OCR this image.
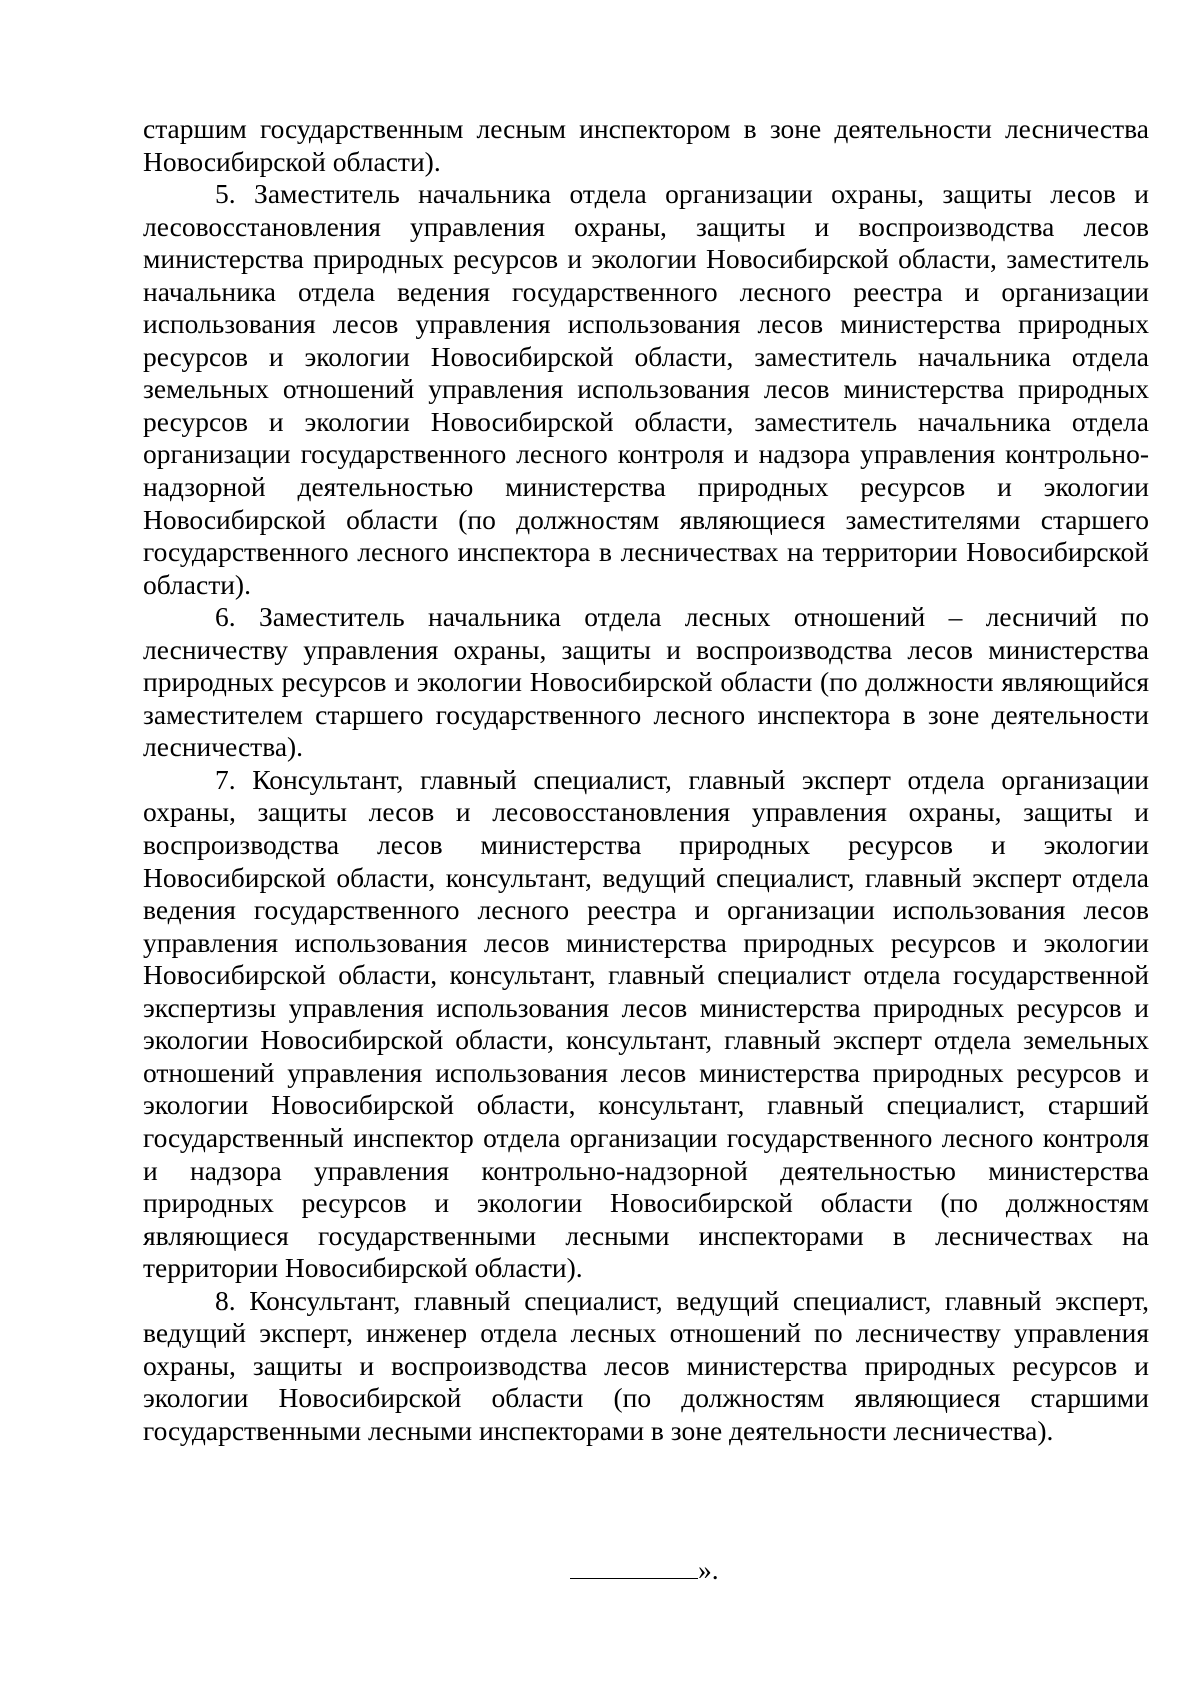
старшим государственным лесным инспектором в зоне деятельности лесничества Новосибирской области).

5. Заместитель начальника отдела организации охраны, защиты лесов и лесовосстановления управления охраны, защиты и воспроизводства лесов министерства природных ресурсов и экологии Новосибирской области, заместитель начальника отдела ведения государственного лесного реестра и организации использования лесов управления использования лесов министерства природных ресурсов и экологии Новосибирской области, заместитель начальника отдела земельных отношений управления использования лесов министерства природных ресурсов и экологии Новосибирской области, заместитель начальника отдела организации государственного лесного контроля и надзора управления контрольно-надзорной деятельностью министерства природных ресурсов и экологии Новосибирской области (по должностям являющиеся заместителями старшего государственного лесного инспектора в лесничествах на территории Новосибирской области).

6. Заместитель начальника отдела лесных отношений – лесничий по лесничеству управления охраны, защиты и воспроизводства лесов министерства природных ресурсов и экологии Новосибирской области (по должности являющийся заместителем старшего государственного лесного инспектора в зоне деятельности лесничества).

7. Консультант, главный специалист, главный эксперт отдела организации охраны, защиты лесов и лесовосстановления управления охраны, защиты и воспроизводства лесов министерства природных ресурсов и экологии Новосибирской области, консультант, ведущий специалист, главный эксперт отдела ведения государственного лесного реестра и организации использования лесов управления использования лесов министерства природных ресурсов и экологии Новосибирской области, консультант, главный специалист отдела государственной экспертизы управления использования лесов министерства природных ресурсов и экологии Новосибирской области, консультант, главный эксперт отдела земельных отношений управления использования лесов министерства природных ресурсов и экологии Новосибирской области, консультант, главный специалист, старший государственный инспектор отдела организации государственного лесного контроля и надзора управления контрольно-надзорной деятельностью министерства природных ресурсов и экологии Новосибирской области (по должностям являющиеся государственными лесными инспекторами в лесничествах на территории Новосибирской области).

8. Консультант, главный специалист, ведущий специалист, главный эксперт, ведущий эксперт, инженер отдела лесных отношений по лесничеству управления охраны, защиты и воспроизводства лесов министерства природных ресурсов и экологии Новосибирской области (по должностям являющиеся старшими государственными лесными инспекторами в зоне деятельности лесничества).

».
